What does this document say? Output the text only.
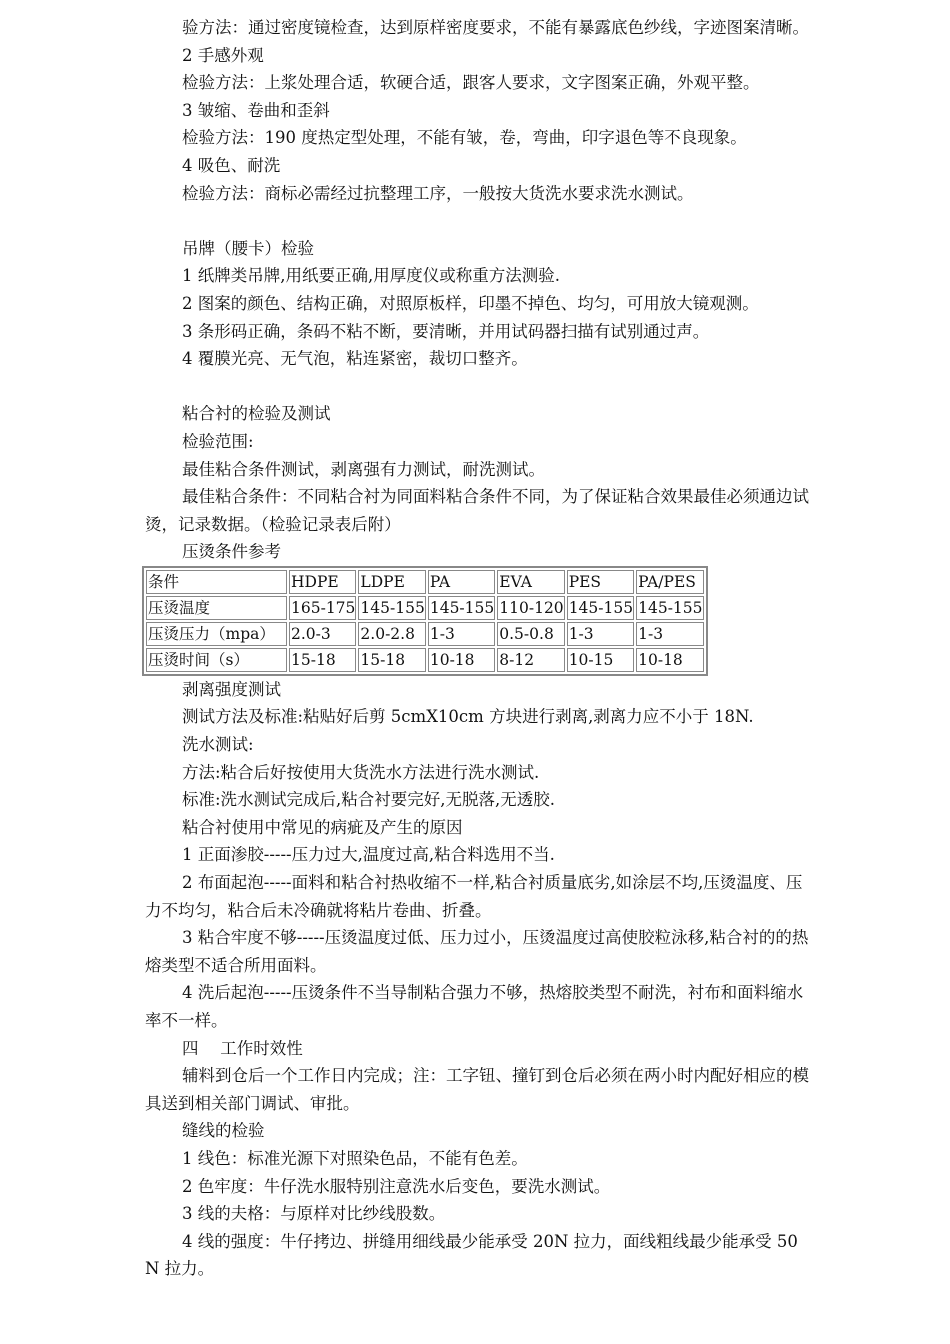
验方法：通过密度镜检查，达到原样密度要求，不能有暴露底色纱线，字迹图案清晰。

2 手感外观

检验方法：上浆处理合适，软硬合适，跟客人要求，文字图案正确，外观平整。

3 皱缩、卷曲和歪斜

检验方法：190 度热定型处理，不能有皱，卷，弯曲，印字退色等不良现象。

4 吸色、耐洗

检验方法：商标必需经过抗整理工序，一般按大货洗水要求洗水测试。

吊牌（腰卡）检验

1 纸牌类吊牌,用纸要正确,用厚度仪或称重方法测验.

2 图案的颜色、结构正确，对照原板样，印墨不掉色、均匀，可用放大镜观测。

3 条形码正确，条码不粘不断，要清晰，并用试码器扫描有试别通过声。

4 覆膜光亮、无气泡，粘连紧密，裁切口整齐。

粘合衬的检验及测试

检验范围:

最佳粘合条件测试，剥离强有力测试，耐洗测试。

最佳粘合条件：不同粘合衬为同面料粘合条件不同，为了保证粘合效果最佳必须通边试烫，记录数据。（检验记录表后附）

压烫条件参考

条件	HDPE	LDPE	PA	EVA	PES	PA/PES
压烫温度	165-175	145-155	145-155	110-120	145-155	145-155
压烫压力（mpa）	2.0-3	2.0-2.8	1-3	0.5-0.8	1-3	1-3
压烫时间（s）	15-18	15-18	10-18	8-12	10-15	10-18

剥离强度测试

测试方法及标准:粘贴好后剪 5cmX10cm 方块进行剥离,剥离力应不小于 18N.

洗水测试:

方法:粘合后好按使用大货洗水方法进行洗水测试.

标准:洗水测试完成后,粘合衬要完好,无脱落,无透胶.

粘合衬使用中常见的病疵及产生的原因

1 正面渗胶-----压力过大,温度过高,粘合料选用不当.

2 布面起泡-----面料和粘合衬热收缩不一样,粘合衬质量底劣,如涂层不均,压烫温度、压力不均匀，粘合后未冷确就将粘片卷曲、折叠。

3 粘合牢度不够-----压烫温度过低、压力过小，压烫温度过高使胶粒泳移,粘合衬的的热熔类型不适合所用面料。

4 洗后起泡-----压烫条件不当导制粘合强力不够，热熔胶类型不耐洗，衬布和面料缩水率不一样。

四　 工作时效性

辅料到仓后一个工作日内完成；注：工字钮、撞钉到仓后必须在两小时内配好相应的模具送到相关部门调试、审批。

缝线的检验

1 线色：标准光源下对照染色品，不能有色差。

2 色牢度：牛仔洗水服特别注意洗水后变色，要洗水测试。

3 线的夫格：与原样对比纱线股数。

4 线的强度：牛仔拷边、拼缝用细线最少能承受 20N 拉力，面线粗线最少能承受 50N 拉力。
